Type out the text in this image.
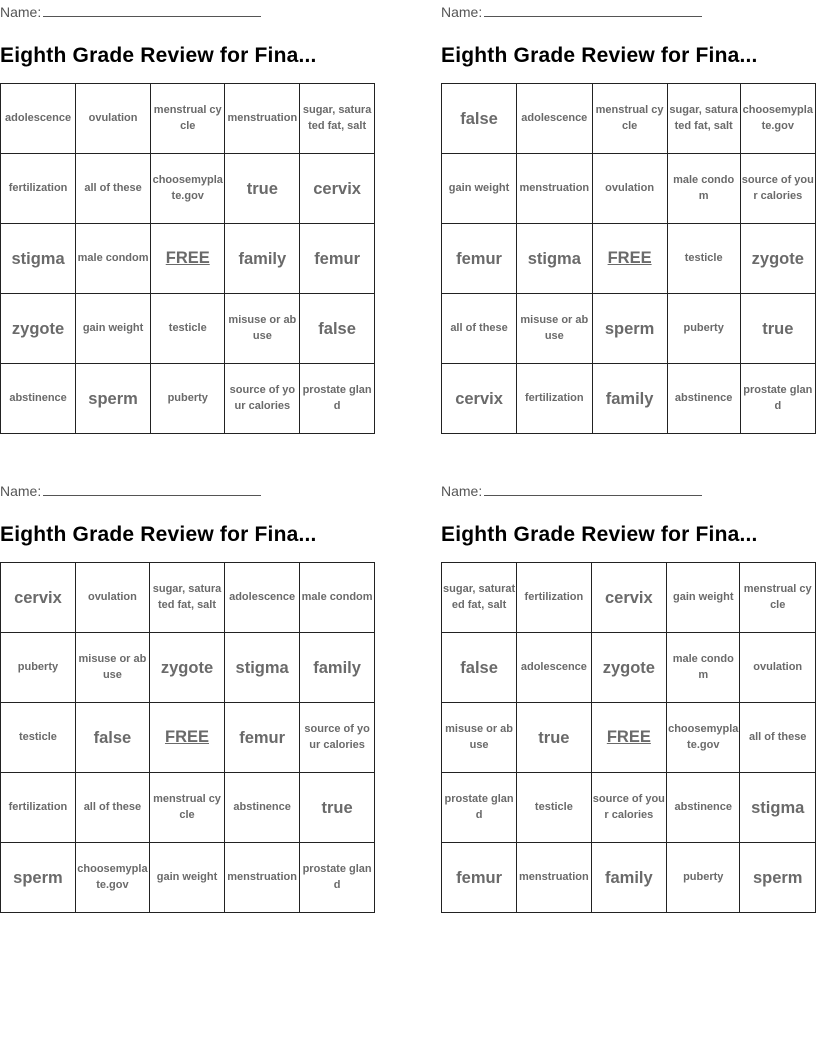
Name:
Eighth Grade Review for Fina...
adolescence	ovulation	menstrual cycle	menstruation	sugar, saturated fat, salt
fertilization	all of these	choosemyplate.gov	true	cervix
stigma	male condom	FREE	family	femur
zygote	gain weight	testicle	misuse or abuse	false
abstinence	sperm	puberty	source of your calories	prostate gland
Name:
Eighth Grade Review for Fina...
false	adolescence	menstrual cycle	sugar, saturated fat, salt	choosemyplate.gov
gain weight	menstruation	ovulation	male condom	source of your calories
femur	stigma	FREE	testicle	zygote
all of these	misuse or abuse	sperm	puberty	true
cervix	fertilization	family	abstinence	prostate gland
Name:
Eighth Grade Review for Fina...
cervix	ovulation	sugar, saturated fat, salt	adolescence	male condom
puberty	misuse or abuse	zygote	stigma	family
testicle	false	FREE	femur	source of your calories
fertilization	all of these	menstrual cycle	abstinence	true
sperm	choosemyplate.gov	gain weight	menstruation	prostate gland
Name:
Eighth Grade Review for Fina...
sugar, saturated fat, salt	fertilization	cervix	gain weight	menstrual cycle
false	adolescence	zygote	male condom	ovulation
misuse or abuse	true	FREE	choosemyplate.gov	all of these
prostate gland	testicle	source of your calories	abstinence	stigma
femur	menstruation	family	puberty	sperm
